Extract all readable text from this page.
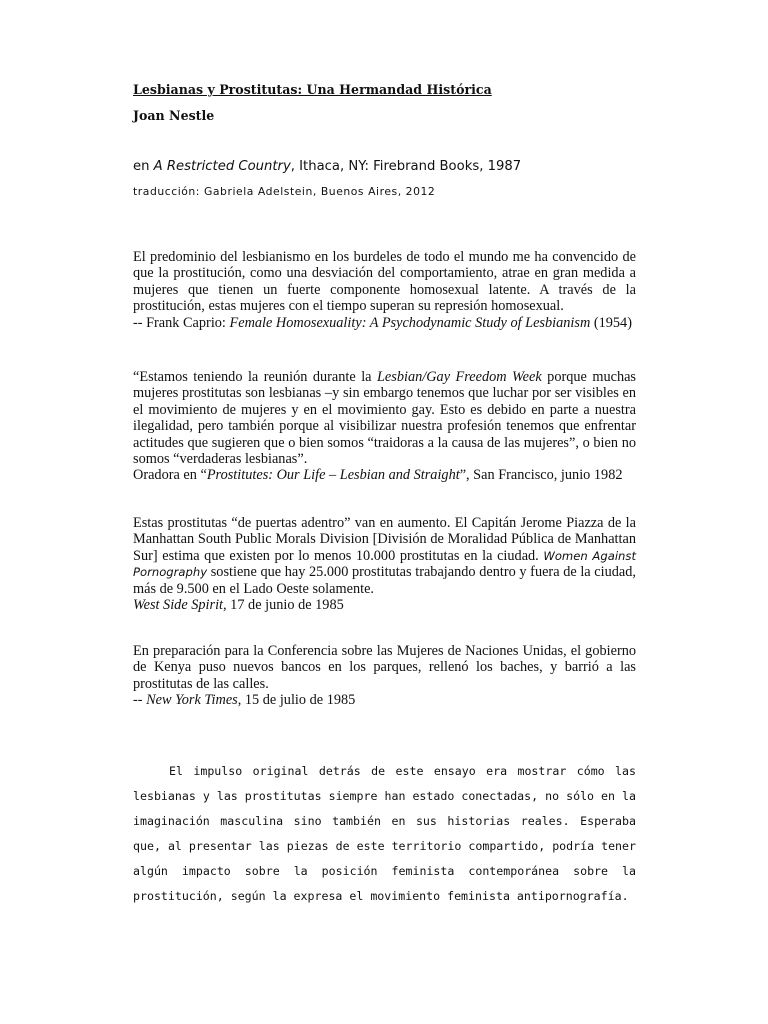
Lesbianas y Prostitutas: Una Hermandad Histórica
Joan Nestle
en A Restricted Country, Ithaca, NY: Firebrand Books, 1987
traducción: Gabriela Adelstein, Buenos Aires, 2012
El predominio del lesbianismo en los burdeles de todo el mundo me ha convencido de que la prostitución, como una desviación del comportamiento, atrae en gran medida a mujeres que tienen un fuerte componente homosexual latente. A través de la prostitución, estas mujeres con el tiempo superan su represión homosexual.
-- Frank Caprio: Female Homosexuality: A Psychodynamic Study of Lesbianism (1954)
“Estamos teniendo la reunión durante la Lesbian/Gay Freedom Week porque muchas mujeres prostitutas son lesbianas –y sin embargo tenemos que luchar por ser visibles en el movimiento de mujeres y en el movimiento gay. Esto es debido en parte a nuestra ilegalidad, pero también porque al visibilizar nuestra profesión tenemos que enfrentar actitudes que sugieren que o bien somos “traidoras a la causa de las mujeres”, o bien no somos “verdaderas lesbianas”.
Oradora en “Prostitutes: Our Life – Lesbian and Straight”, San Francisco, junio 1982
Estas prostitutas “de puertas adentro” van en aumento. El Capitán Jerome Piazza de la Manhattan South Public Morals Division [División de Moralidad Pública de Manhattan Sur] estima que existen por lo menos 10.000 prostitutas en la ciudad. Women Against Pornography sostiene que hay 25.000 prostitutas trabajando dentro y fuera de la ciudad, más de 9.500 en el Lado Oeste solamente.
West Side Spirit, 17 de junio de 1985
En preparación para la Conferencia sobre las Mujeres de Naciones Unidas, el gobierno de Kenya puso nuevos bancos en los parques, rellenó los baches, y barrió a las prostitutas de las calles.
-- New York Times, 15 de julio de 1985

El impulso original detrás de este ensayo era mostrar cómo las lesbianas y las prostitutas siempre han estado conectadas, no sólo en la imaginación masculina sino también en sus historias reales. Esperaba que, al presentar las piezas de este territorio compartido, podría tener algún impacto sobre la posición feminista contemporánea sobre la prostitución, según la expresa el movimiento feminista antipornografía.
